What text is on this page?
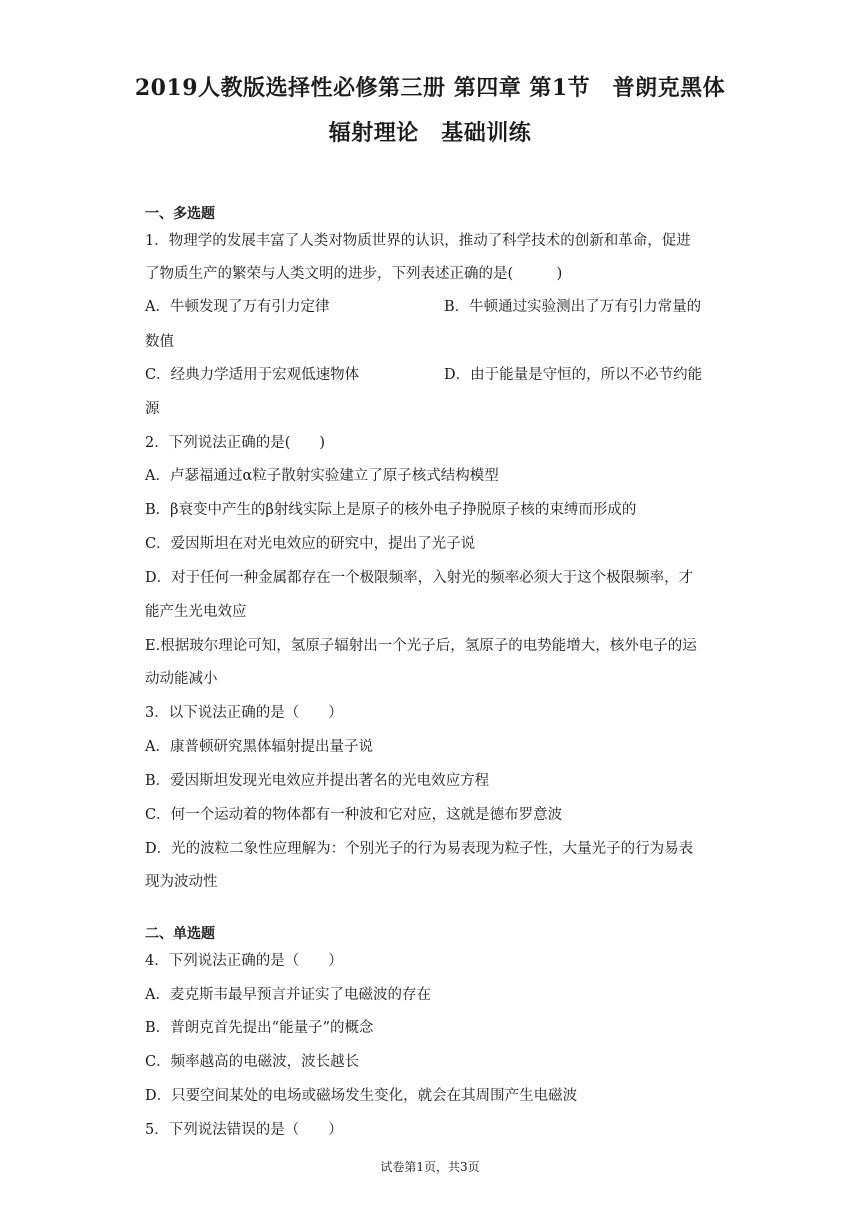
2019人教版选择性必修第三册 第四章 第1节　普朗克黑体
辐射理论　基础训练
一、多选题
1．物理学的发展丰富了人类对物质世界的认识，推动了科学技术的创新和革命，促进
了物质生产的繁荣与人类文明的进步，下列表述正确的是(　　　)
A．牛顿发现了万有引力定律	B．牛顿通过实验测出了万有引力常量的
数值
C．经典力学适用于宏观低速物体	D．由于能量是守恒的，所以不必节约能
源
2．下列说法正确的是(　　)
A．卢瑟福通过α粒子散射实验建立了原子核式结构模型
B．β衰变中产生的β射线实际上是原子的核外电子挣脱原子核的束缚而形成的
C．爱因斯坦在对光电效应的研究中，提出了光子说
D．对于任何一种金属都存在一个极限频率，入射光的频率必须大于这个极限频率，才
能产生光电效应
E.根据玻尔理论可知，氢原子辐射出一个光子后，氢原子的电势能增大，核外电子的运
动动能减小
3．以下说法正确的是（　　）
A．康普顿研究黑体辐射提出量子说
B．爱因斯坦发现光电效应并提出著名的光电效应方程
C．何一个运动着的物体都有一种波和它对应，这就是德布罗意波
D．光的波粒二象性应理解为：个别光子的行为易表现为粒子性，大量光子的行为易表
现为波动性
二、单选题
4．下列说法正确的是（　　）
A．麦克斯韦最早预言并证实了电磁波的存在
B．普朗克首先提出“能量子”的概念
C．频率越高的电磁波，波长越长
D．只要空间某处的电场或磁场发生变化，就会在其周围产生电磁波
5．下列说法错误的是（　　）
试卷第1页，共3页
